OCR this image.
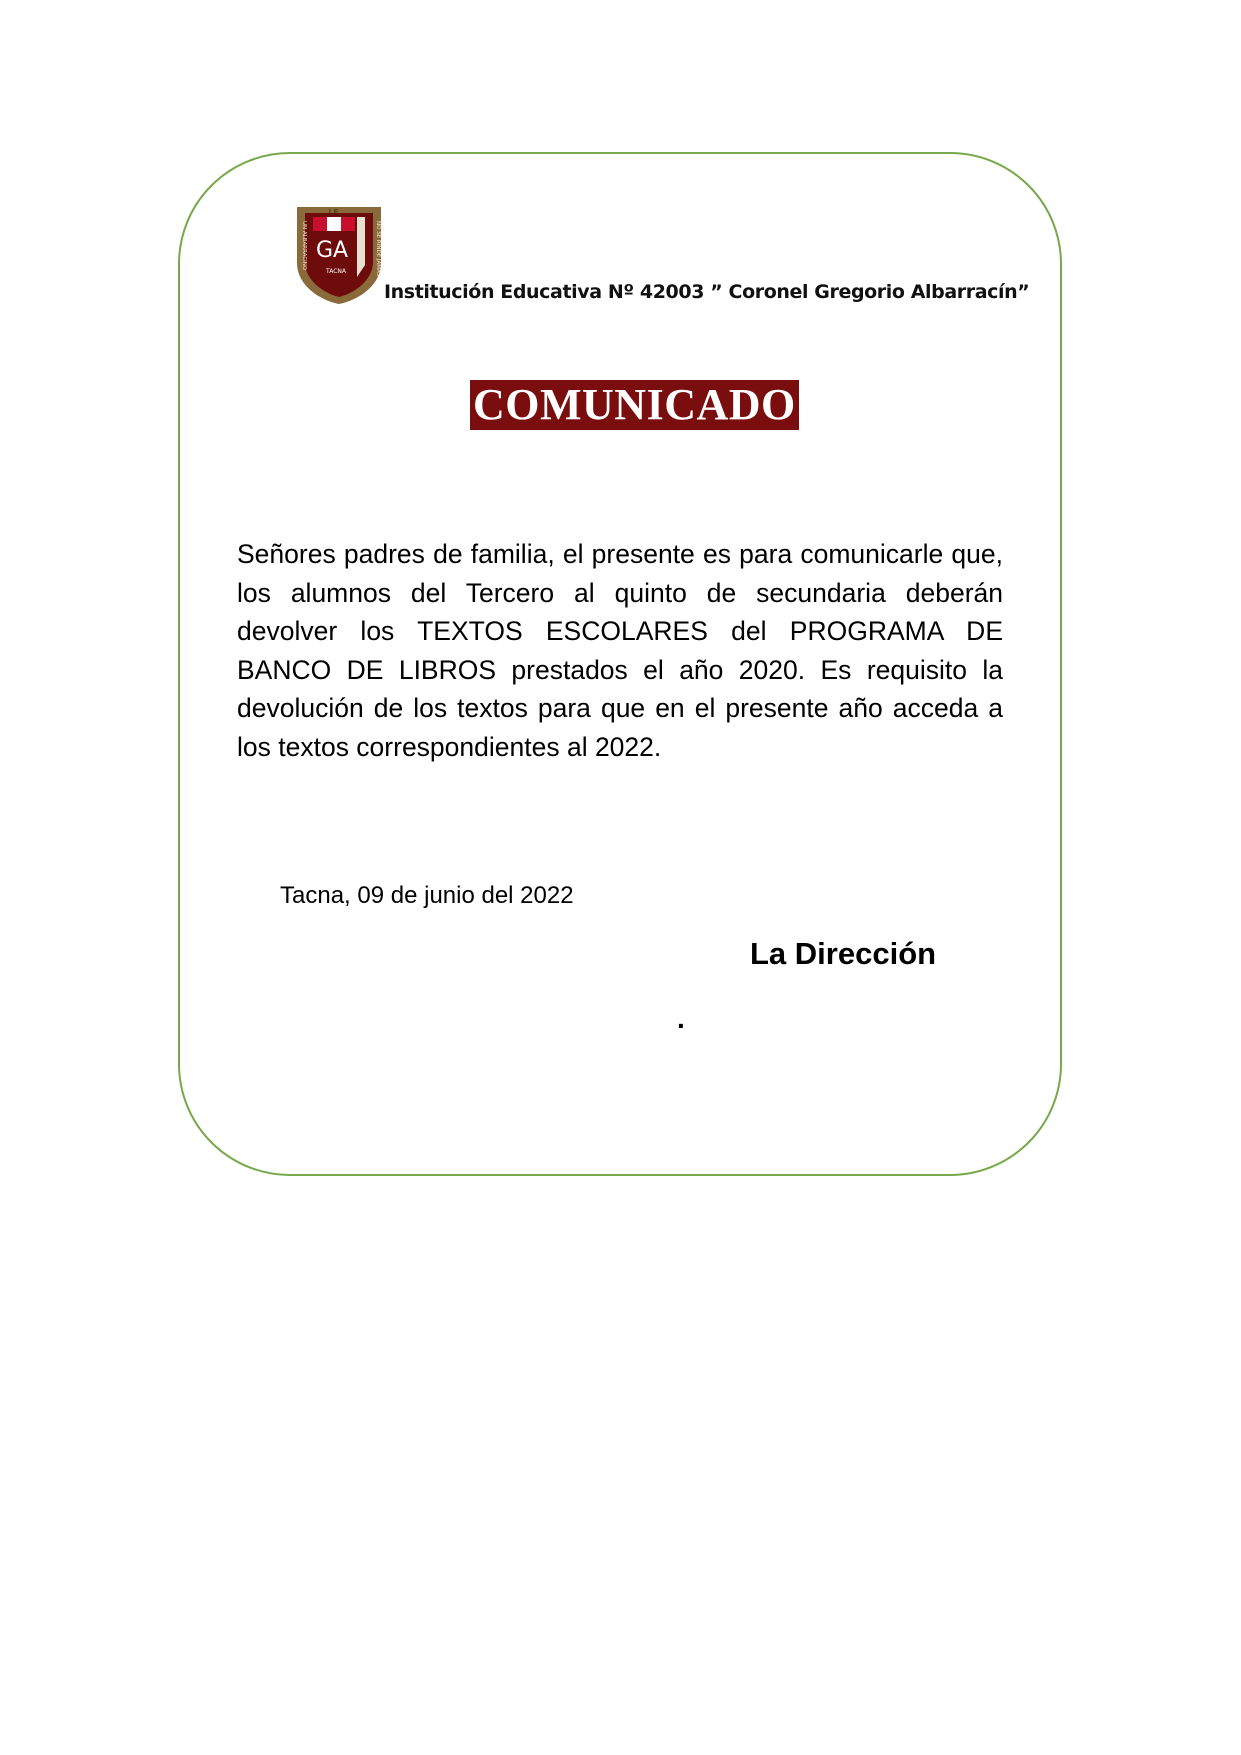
I.E.
GA
TACNA
UN ALBARRACINO	NO SE RINDE JAMAS
Institución Educativa Nº 42003 ” Coronel Gregorio Albarracín”
COMUNICADO

Señores padres de familia, el presente es para comunicarle que, los alumnos del Tercero al quinto de secundaria deberán devolver los TEXTOS ESCOLARES del PROGRAMA DE BANCO DE LIBROS prestados el año 2020. Es requisito la devolución de los textos para que en el presente año acceda a los textos correspondientes al 2022.

Tacna, 09 de junio del 2022
La Dirección
.
